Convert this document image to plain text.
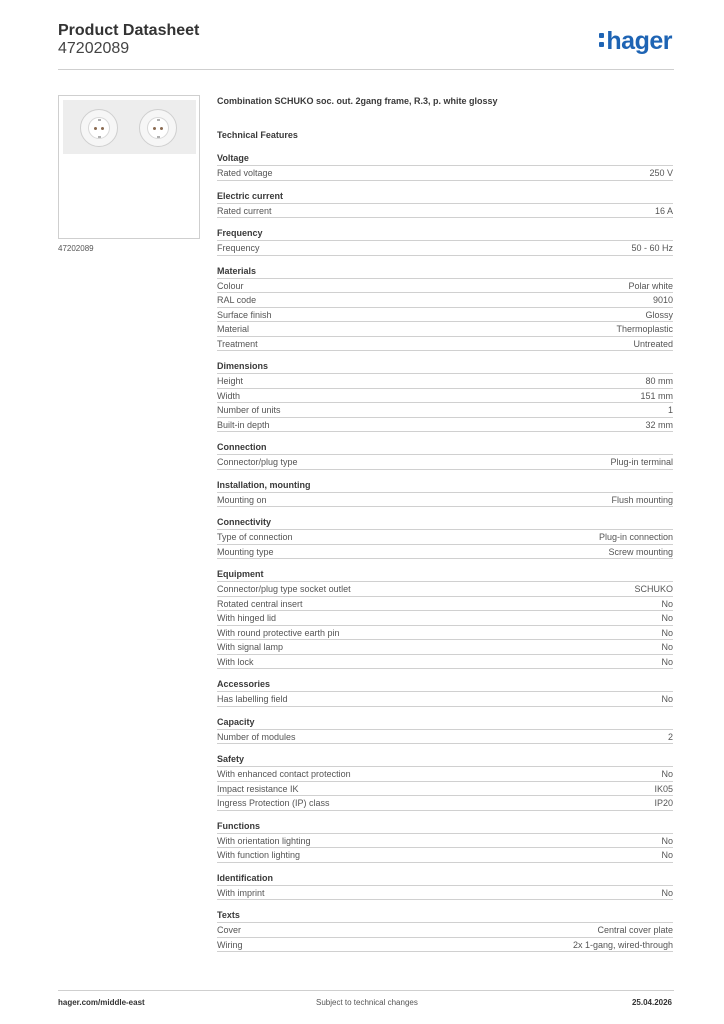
Product Datasheet
47202089	hager
47202089
Combination SCHUKO soc. out. 2gang frame, R.3, p. white glossy
Technical Features
Voltage
Rated voltage	250 V
Electric current
Rated current	16 A
Frequency
Frequency	50 - 60 Hz
Materials
Colour	Polar white
RAL code	9010
Surface finish	Glossy
Material	Thermoplastic
Treatment	Untreated
Dimensions
Height	80 mm
Width	151 mm
Number of units	1
Built-in depth	32 mm
Connection
Connector/plug type	Plug-in terminal
Installation, mounting
Mounting on	Flush mounting
Connectivity
Type of connection	Plug-in connection
Mounting type	Screw mounting
Equipment
Connector/plug type socket outlet	SCHUKO
Rotated central insert	No
With hinged lid	No
With round protective earth pin	No
With signal lamp	No
With lock	No
Accessories
Has labelling field	No
Capacity
Number of modules	2
Safety
With enhanced contact protection	No
Impact resistance IK	IK05
Ingress Protection (IP) class	IP20
Functions
With orientation lighting	No
With function lighting	No
Identification
With imprint	No
Texts
Cover	Central cover plate
Wiring	2x 1-gang, wired-through
hager.com/middle-east	Subject to technical changes	25.04.2026
